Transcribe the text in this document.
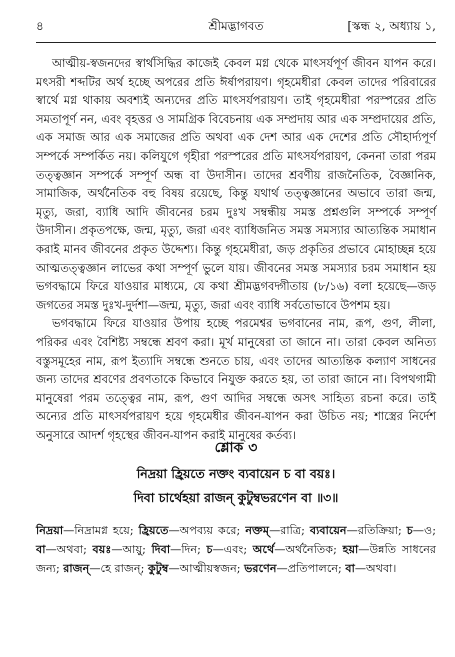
৪	শ্রীমদ্ভাগবত	[স্কন্ধ ২, অধ্যায় ১,

আত্মীয়-স্বজনদের স্বার্থসিদ্ধির কাজেই কেবল মগ্ন থেকে মাৎসর্যপূর্ণ জীবন যাপন করে। মৎসরী শব্দটির অর্থ হচ্ছে অপরের প্রতি ঈর্ষাপরায়ণ। গৃহমেধীরা কেবল তাদের পরিবারের স্বার্থে মগ্ন থাকায় অবশ্যই অন্যদের প্রতি মাৎসর্যপরায়ণ। তাই গৃহমেধীরা পরস্পরের প্রতি সমতাপূর্ণ নন, এবং বৃহত্তর ও সামগ্রিক বিবেচনায় এক সম্প্রদায় আর এক সম্প্রদায়ের প্রতি, এক সমাজ আর এক সমাজের প্রতি অথবা এক দেশ আর এক দেশের প্রতি সৌহার্দ্যপূর্ণ সম্পর্কে সম্পর্কিত নয়। কলিযুগে গৃহীরা পরস্পরের প্রতি মাৎসর্যপরায়ণ, কেননা তারা পরম তত্ত্বজ্ঞান সম্পর্কে সম্পূর্ণ অন্ধ বা উদাসীন। তাদের শ্রবণীয় রাজনৈতিক, বৈজ্ঞানিক, সামাজিক, অর্থনৈতিক বহু বিষয় রয়েছে, কিন্তু যথার্থ তত্ত্বজ্ঞানের অভাবে তারা জন্ম, মৃত্যু, জরা, ব্যাধি আদি জীবনের চরম দুঃখ সম্বন্ধীয় সমস্ত প্রশ্নগুলি সম্পর্কে সম্পূর্ণ উদাসীন। প্রকৃতপক্ষে, জন্ম, মৃত্যু, জরা এবং ব্যাধিজনিত সমস্ত সমস্যার আত্যন্তিক সমাধান করাই মানব জীবনের প্রকৃত উদ্দেশ্য। কিন্তু গৃহমেধীরা, জড় প্রকৃতির প্রভাবে মোহাচ্ছন্ন হয়ে আত্মতত্ত্বজ্ঞান লাভের কথা সম্পূর্ণ ভুলে যায়। জীবনের সমস্ত সমস্যার চরম সমাধান হয় ভগবদ্ধামে ফিরে যাওয়ার মাধ্যমে, যে কথা শ্রীমদ্ভগবদ্গীতায় (৮/১৬) বলা হয়েছে—জড় জগতের সমস্ত দুঃখ-দুর্দশা—জন্ম, মৃত্যু, জরা এবং ব্যাধি সর্বতোভাবে উপশম হয়।

ভগবদ্ধামে ফিরে যাওয়ার উপায় হচ্ছে পরমেশ্বর ভগবানের নাম, রূপ, গুণ, লীলা, পরিকর এবং বৈশিষ্ট্য সম্বন্ধে শ্রবণ করা। মূর্খ মানুষেরা তা জানে না। তারা কেবল অনিত্য বস্তুসমূহের নাম, রূপ ইত্যাদি সম্বন্ধে শুনতে চায়, এবং তাদের আত্যন্তিক কল্যাণ সাধনের জন্য তাদের শ্রবণের প্রবণতাকে কিভাবে নিযুক্ত করতে হয়, তা তারা জানে না। বিপথগামী মানুষেরা পরম তত্ত্বের নাম, রূপ, গুণ আদির সম্বন্ধে অসৎ সাহিত্য রচনা করে। তাই অন্যের প্রতি মাৎসর্যপরায়ণ হয়ে গৃহমেধীর জীবন-যাপন করা উচিত নয়; শাস্ত্রের নির্দেশ অনুসারে আদর্শ গৃহস্থের জীবন-যাপন করাই মানুষের কর্তব্য।

শ্লোক ৩
নিদ্রয়া হ্রিয়তে নক্তং ব্যবায়েন চ বা বয়ঃ।
দিবা চার্থেহয়া রাজন্ কুটুম্বভরণেন বা ॥৩॥
নিদ্রয়া—নিদ্রামগ্ন হয়ে; হ্রিয়তে—অপব্যয় করে; নক্তম্—রাত্রি; ব্যবায়েন—রতিক্রিয়া; চ—ও; বা—অথবা; বয়ঃ—আয়ু; দিবা—দিন; চ—এবং; অর্থে—অর্থনৈতিক; হয়া—উন্নতি সাধনের জন্য; রাজন্—হে রাজন্; কুটুম্ব—আত্মীয়স্বজন; ভরণেন—প্রতিপালনে; বা—অথবা।
